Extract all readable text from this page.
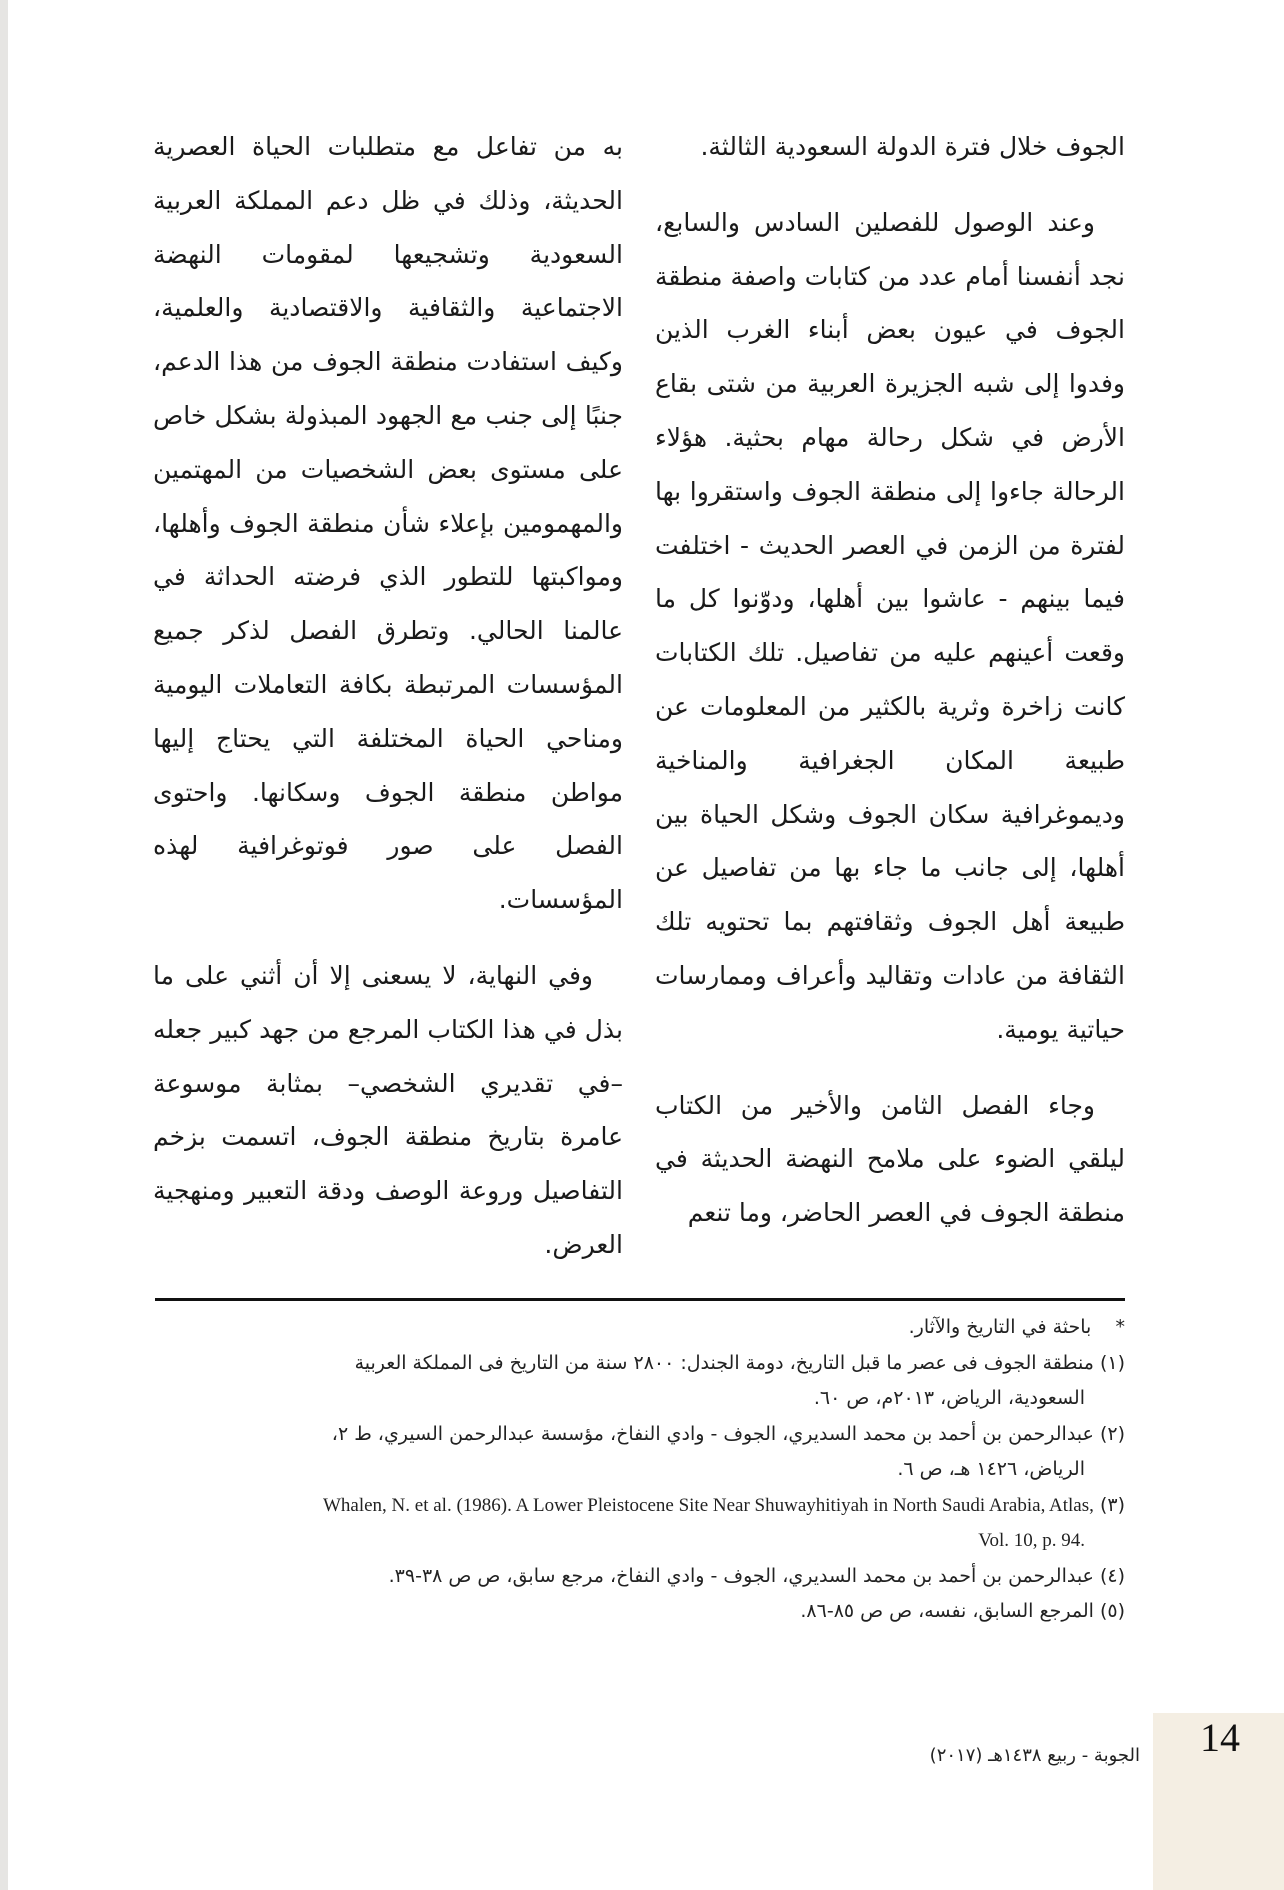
الجوف خلال فترة الدولة السعودية الثالثة.

وعند الوصول للفصلين السادس والسابع، نجد أنفسنا أمام عدد من كتابات واصفة منطقة الجوف في عيون بعض أبناء الغرب الذين وفدوا إلى شبه الجزيرة العربية من شتى بقاع الأرض في شكل رحالة مهام بحثية. هؤلاء الرحالة جاءوا إلى منطقة الجوف واستقروا بها لفترة من الزمن في العصر الحديث - اختلفت فيما بينهم - عاشوا بين أهلها، ودوّنوا كل ما وقعت أعينهم عليه من تفاصيل. تلك الكتابات كانت زاخرة وثرية بالكثير من المعلومات عن طبيعة المكان الجغرافية والمناخية وديموغرافية سكان الجوف وشكل الحياة بين أهلها، إلى جانب ما جاء بها من تفاصيل عن طبيعة أهل الجوف وثقافتهم بما تحتويه تلك الثقافة من عادات وتقاليد وأعراف وممارسات حياتية يومية.

وجاء الفصل الثامن والأخير من الكتاب ليلقي الضوء على ملامح النهضة الحديثة في منطقة الجوف في العصر الحاضر، وما تنعم

به من تفاعل مع متطلبات الحياة العصرية الحديثة، وذلك في ظل دعم المملكة العربية السعودية وتشجيعها لمقومات النهضة الاجتماعية والثقافية والاقتصادية والعلمية، وكيف استفادت منطقة الجوف من هذا الدعم، جنبًا إلى جنب مع الجهود المبذولة بشكل خاص على مستوى بعض الشخصيات من المهتمين والمهمومين بإعلاء شأن منطقة الجوف وأهلها، ومواكبتها للتطور الذي فرضته الحداثة في عالمنا الحالي. وتطرق الفصل لذكر جميع المؤسسات المرتبطة بكافة التعاملات اليومية ومناحي الحياة المختلفة التي يحتاج إليها مواطن منطقة الجوف وسكانها. واحتوى الفصل على صور فوتوغرافية لهذه المؤسسات.

وفي النهاية، لا يسعنى إلا أن أثني على ما بذل في هذا الكتاب المرجع من جهد كبير جعله –في تقديري الشخصي– بمثابة موسوعة عامرة بتاريخ منطقة الجوف، اتسمت بزخم التفاصيل وروعة الوصف ودقة التعبير ومنهجية العرض.

*    باحثة في التاريخ والآثار.

(١) منطقة الجوف فى عصر ما قبل التاريخ، دومة الجندل: ٢٨٠٠ سنة من التاريخ فى المملكة العربية
السعودية، الرياض، ٢٠١٣م، ص ٦٠.

(٢) عبدالرحمن بن أحمد بن محمد السديري، الجوف - وادي النفاخ، مؤسسة عبدالرحمن السيري، ط ٢،
الرياض، ١٤٢٦ هـ، ص ٦.

(٣) Whalen, N. et al. (1986). A Lower Pleistocene Site Near Shuwayhitiyah in North Saudi Arabia, Atlas,
.Vol. 10, p. 94

(٤) عبدالرحمن بن أحمد بن محمد السديري، الجوف - وادي النفاخ، مرجع سابق، ص ص ٣٨-٣٩.

(٥) المرجع السابق، نفسه، ص ص ٨٥-٨٦.

14
الجوبة - ربيع ١٤٣٨هـ (٢٠١٧)
